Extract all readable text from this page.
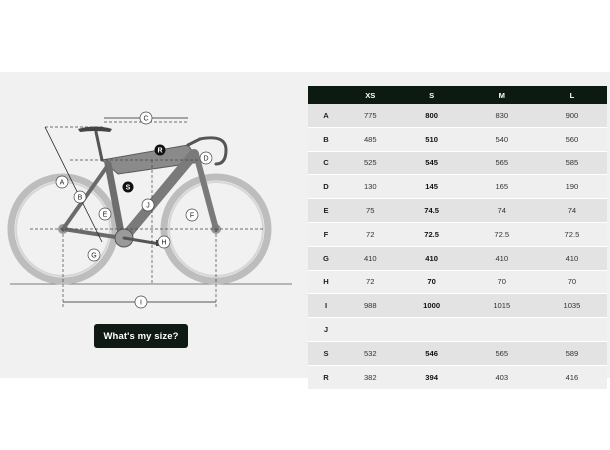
C
R
D
A
S
B
J
E	F
H
G
I
What's my size?
	XS	S	M	L
A	775	800	830	900
B	485	510	540	560
C	525	545	565	585
D	130	145	165	190
E	75	74.5	74	74
F	72	72.5	72.5	72.5
G	410	410	410	410
H	72	70	70	70
I	988	1000	1015	1035
J				
S	532	546	565	589
R	382	394	403	416
